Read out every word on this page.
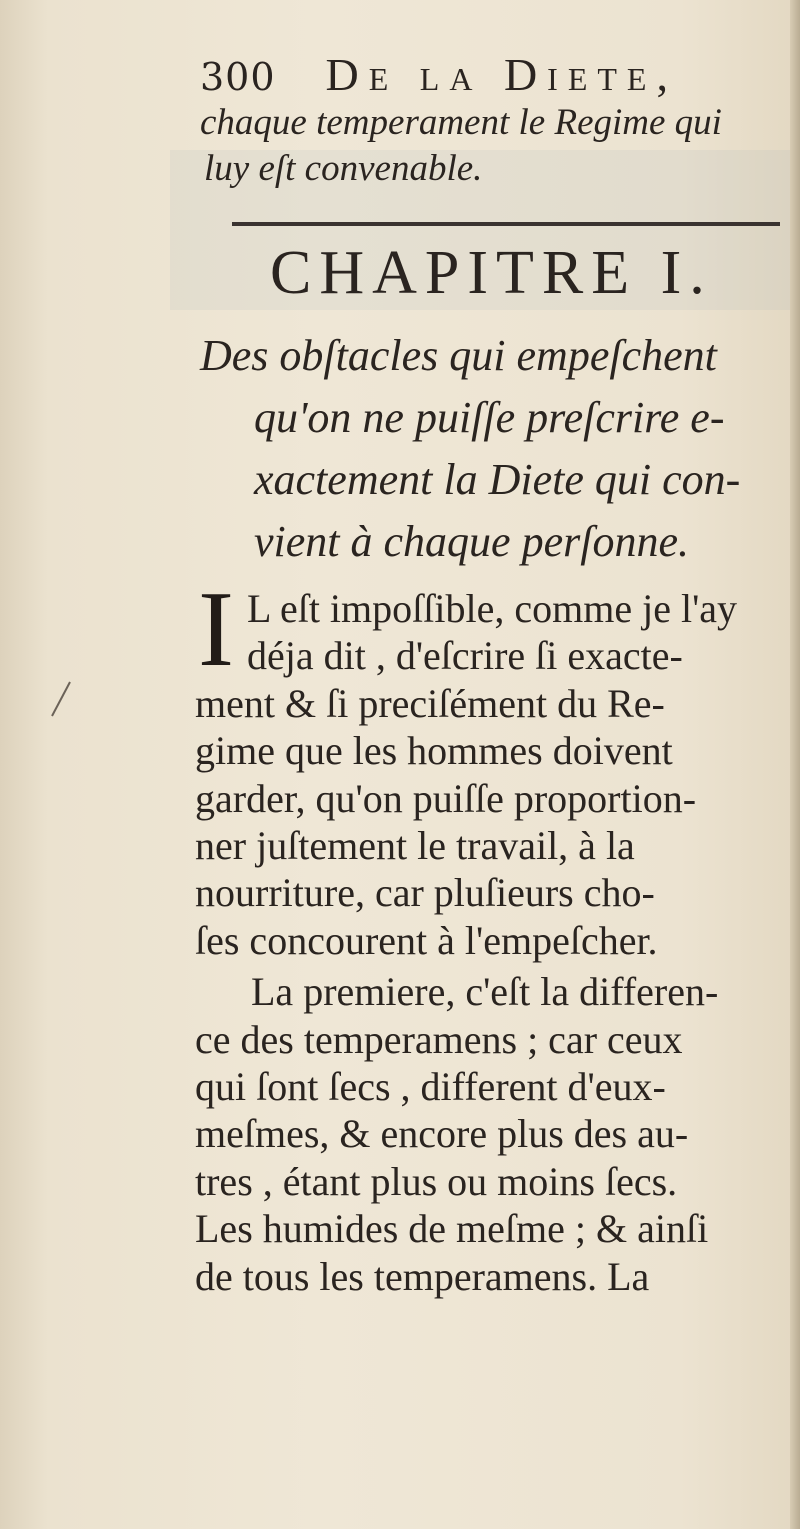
300 De la Diete,
chaque temperament le Regime qui
luy eſt convenable.
CHAPITRE I.
Des obſtacles qui empeſchent
qu'on ne puiſſe preſcrire e-
xactement la Diete qui con-
vient à chaque perſonne.
I L eſt impoſſible, comme je l'ay
déja dit , d'eſcrire ſi exacte-
ment & ſi preciſément du Re-
gime que les hommes doivent
garder, qu'on puiſſe proportion-
ner juſtement le travail, à la
nourriture, car pluſieurs cho-
ſes concourent à l'empeſcher.
La premiere, c'eſt la differen-
ce des temperamens ; car ceux
qui ſont ſecs , different d'eux-
meſmes, & encore plus des au-
tres , étant plus ou moins ſecs.
Les humides de meſme ; & ainſi
de tous les temperamens. La
